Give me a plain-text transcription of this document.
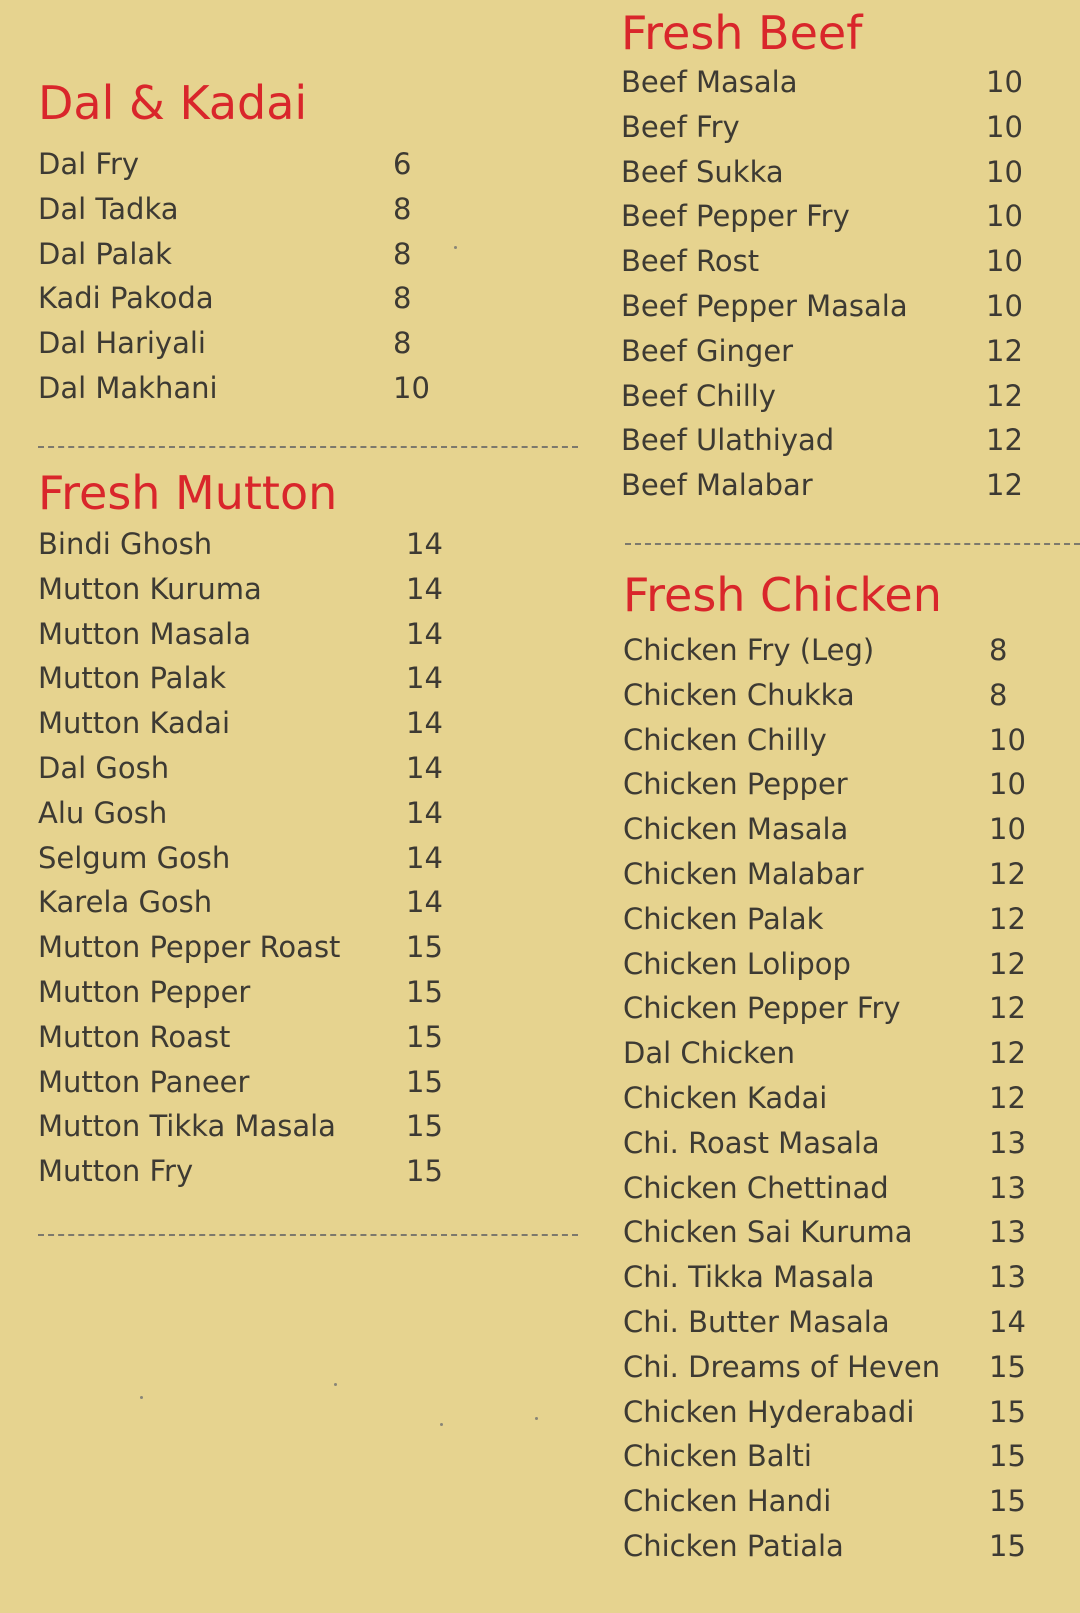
Dal & Kadai
Dal Fry	6
Dal Tadka	8
Dal Palak	8
Kadi Pakoda	8
Dal Hariyali	8
Dal Makhani	10
Fresh Mutton
Bindi Ghosh	14
Mutton Kuruma	14
Mutton Masala	14
Mutton Palak	14
Mutton Kadai	14
Dal Gosh	14
Alu Gosh	14
Selgum Gosh	14
Karela Gosh	14
Mutton Pepper Roast 15
Mutton Pepper	15
Mutton Roast	15
Mutton Paneer	15
Mutton Tikka Masala 15
Mutton Fry	15
Fresh Beef
Beef Masala	10
Beef Fry	10
Beef Sukka	10
Beef Pepper Fry	10
Beef Rost	10
Beef Pepper Masala	10
Beef Ginger	12
Beef Chilly	12
Beef Ulathiyad	12
Beef Malabar	12
Fresh Chicken
Chicken Fry (Leg)	8
Chicken Chukka	8
Chicken Chilly	10
Chicken Pepper	10
Chicken Masala	10
Chicken Malabar	12
Chicken Palak	12
Chicken Lolipop	12
Chicken Pepper Fry	12
Dal Chicken	12
Chicken Kadai	12
Chi. Roast Masala	13
Chicken Chettinad	13
Chicken Sai Kuruma	13
Chi. Tikka Masala	13
Chi. Butter Masala	14
Chi. Dreams of Heven 15
Chicken Hyderabadi	15
Chicken Balti	15
Chicken Handi	15
Chicken Patiala	15
